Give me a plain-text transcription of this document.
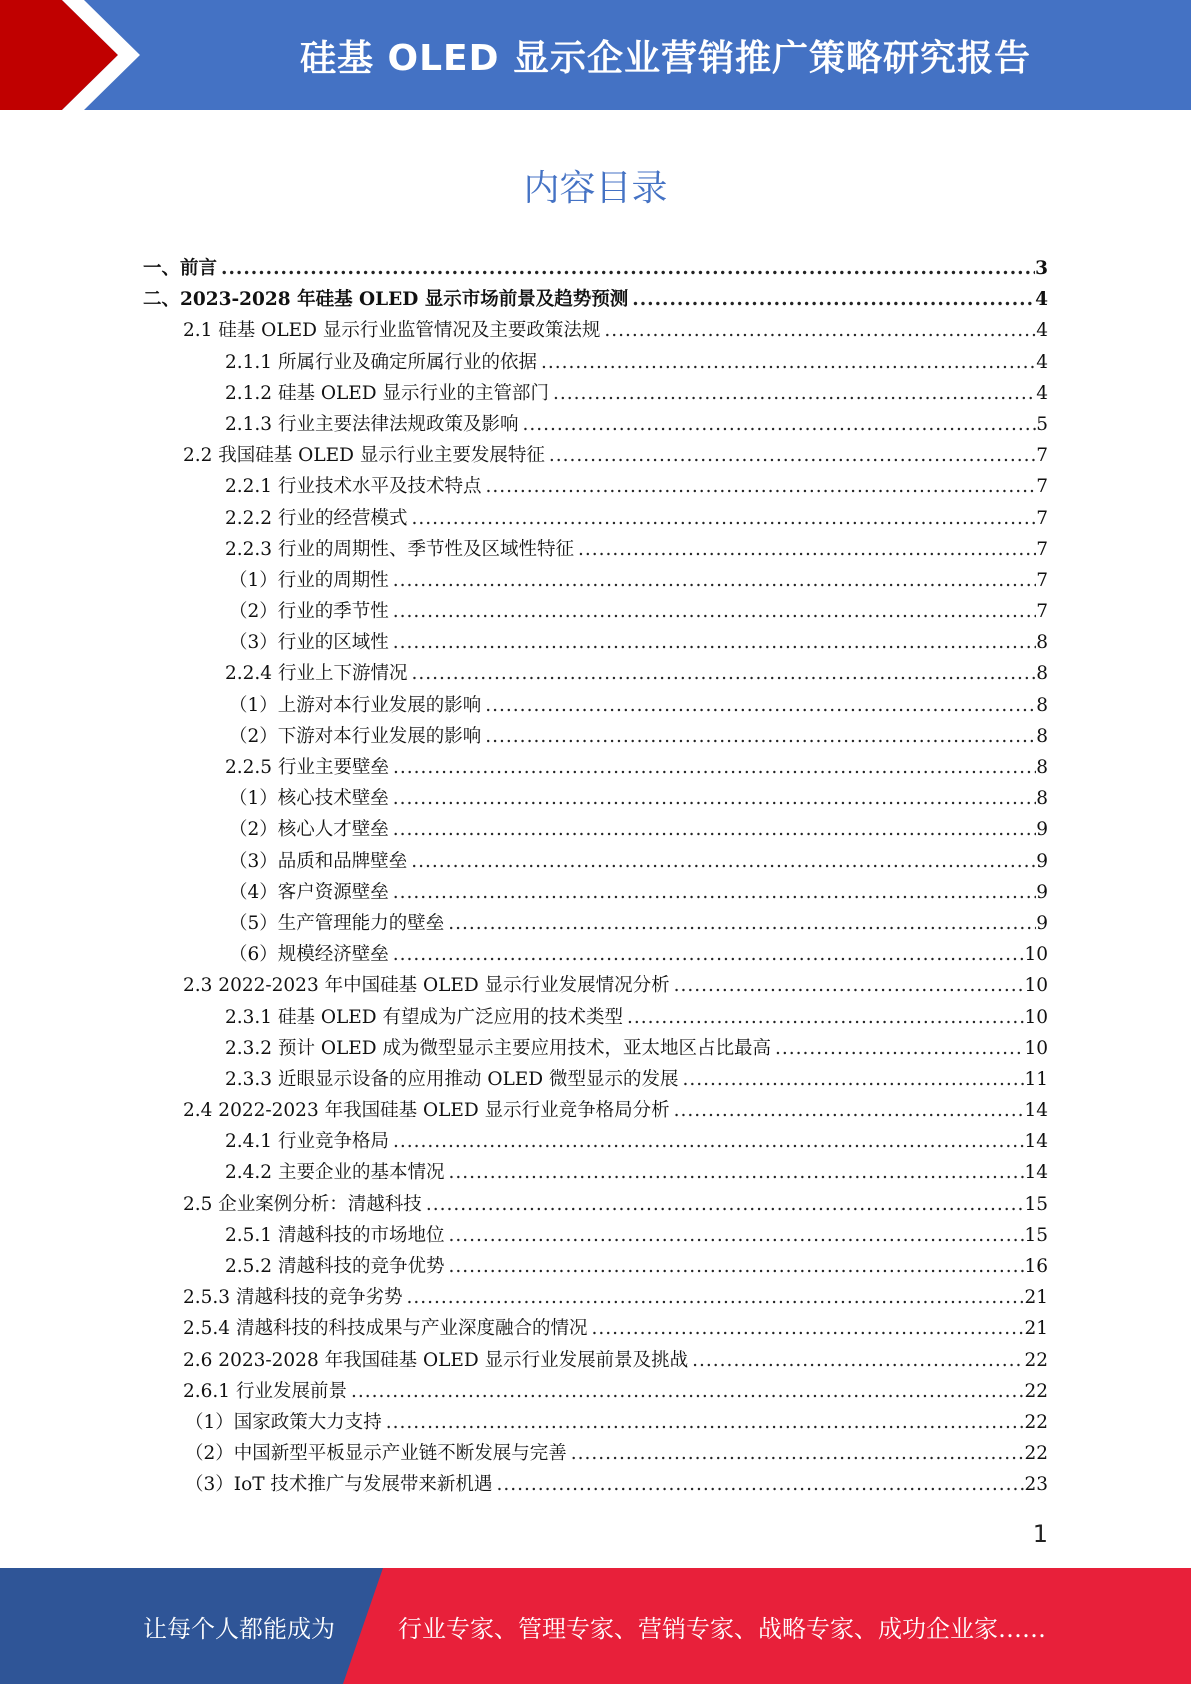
硅基 OLED 显示企业营销推广策略研究报告
内容目录
一、前言 .....	3
二、2023-2028 年硅基 OLED 显示市场前景及趋势预测 .....	4
2.1 硅基 OLED 显示行业监管情况及主要政策法规 .....	4
2.1.1 所属行业及确定所属行业的依据 .....	4
2.1.2 硅基 OLED 显示行业的主管部门 .....	4
2.1.3 行业主要法律法规政策及影响 .....	5
2.2 我国硅基 OLED 显示行业主要发展特征 .....	7
2.2.1 行业技术水平及技术特点 .....	7
2.2.2 行业的经营模式 .....	7
2.2.3 行业的周期性、季节性及区域性特征 .....	7
（1）行业的周期性 .....	7
（2）行业的季节性 .....	7
（3）行业的区域性 .....	8
2.2.4 行业上下游情况 .....	8
（1）上游对本行业发展的影响 .....	8
（2）下游对本行业发展的影响 .....	8
2.2.5 行业主要壁垒 .....	8
（1）核心技术壁垒 .....	8
（2）核心人才壁垒 .....	9
（3）品质和品牌壁垒 .....	9
（4）客户资源壁垒 .....	9
（5）生产管理能力的壁垒 .....	9
（6）规模经济壁垒 .....	10
2.3 2022-2023 年中国硅基 OLED 显示行业发展情况分析 .....	10
2.3.1 硅基 OLED 有望成为广泛应用的技术类型 .....	10
2.3.2 预计 OLED 成为微型显示主要应用技术，亚太地区占比最高 .....	10
2.3.3 近眼显示设备的应用推动 OLED 微型显示的发展 .....	11
2.4 2022-2023 年我国硅基 OLED 显示行业竞争格局分析 .....	14
2.4.1 行业竞争格局 .....	14
2.4.2 主要企业的基本情况 .....	14
2.5 企业案例分析：清越科技 .....	15
2.5.1 清越科技的市场地位 .....	15
2.5.2 清越科技的竞争优势 .....	16
2.5.3 清越科技的竞争劣势 .....	21
2.5.4 清越科技的科技成果与产业深度融合的情况 .....	21
2.6 2023-2028 年我国硅基 OLED 显示行业发展前景及挑战 .....	22
2.6.1 行业发展前景 .....	22
（1）国家政策大力支持 .....	22
（2）中国新型平板显示产业链不断发展与完善 .....	22
（3）IoT 技术推广与发展带来新机遇 .....	23
1
让每个人都能成为	行业专家、管理专家、营销专家、战略专家、成功企业家……
